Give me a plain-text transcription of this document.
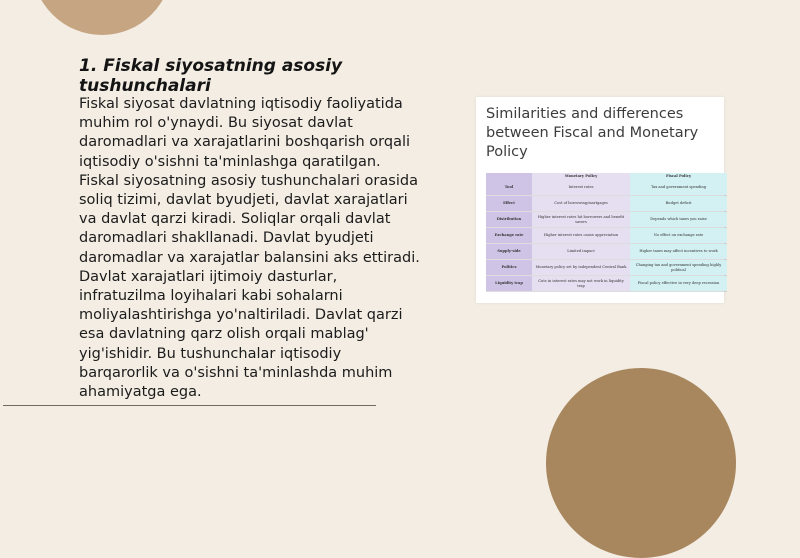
1. Fiskal siyosatning asosiy tushunchalari

Fiskal siyosat davlatning iqtisodiy faoliyatida muhim rol o'ynaydi. Bu siyosat davlat daromadlari va xarajatlarini boshqarish orqali iqtisodiy o'sishni ta'minlashga qaratilgan. Fiskal siyosatning asosiy tushunchalari orasida soliq tizimi, davlat byudjeti, davlat xarajatlari va davlat qarzi kiradi. Soliqlar orqali davlat daromadlari shakllanadi. Davlat byudjeti daromadlar va xarajatlar balansini aks ettiradi. Davlat xarajatlari ijtimoiy dasturlar, infratuzilma loyihalari kabi sohalarni moliyalashtirishga yo'naltiriladi. Davlat qarzi esa davlatning qarz olish orqali mablag' yig'ishidir. Bu tushunchalar iqtisodiy barqarorlik va o'sishni ta'minlashda muhim ahamiyatga ega.

Similarities and differences between Fiscal and Monetary Policy
	Monetary Policy	Fiscal Policy
Tool	Interest rates	Tax and government spending
Effect	Cost of borrowing/mortgages	Budget deficit
Distribution	Higher interest rates hit borrowers and benefit savers	Depends which taxes you raise
Exchange rate	Higher interest rates cause appreciation	No effect on exchange rate
Supply-side	Limited impact	Higher taxes may affect incentives to work
Politics	Monetary policy set by independent Central Bank	Changing tax and government spending highly political
Liquidity trap	Cuts in interest rates may not work in liquidity trap	Fiscal policy effective in very deep recession
